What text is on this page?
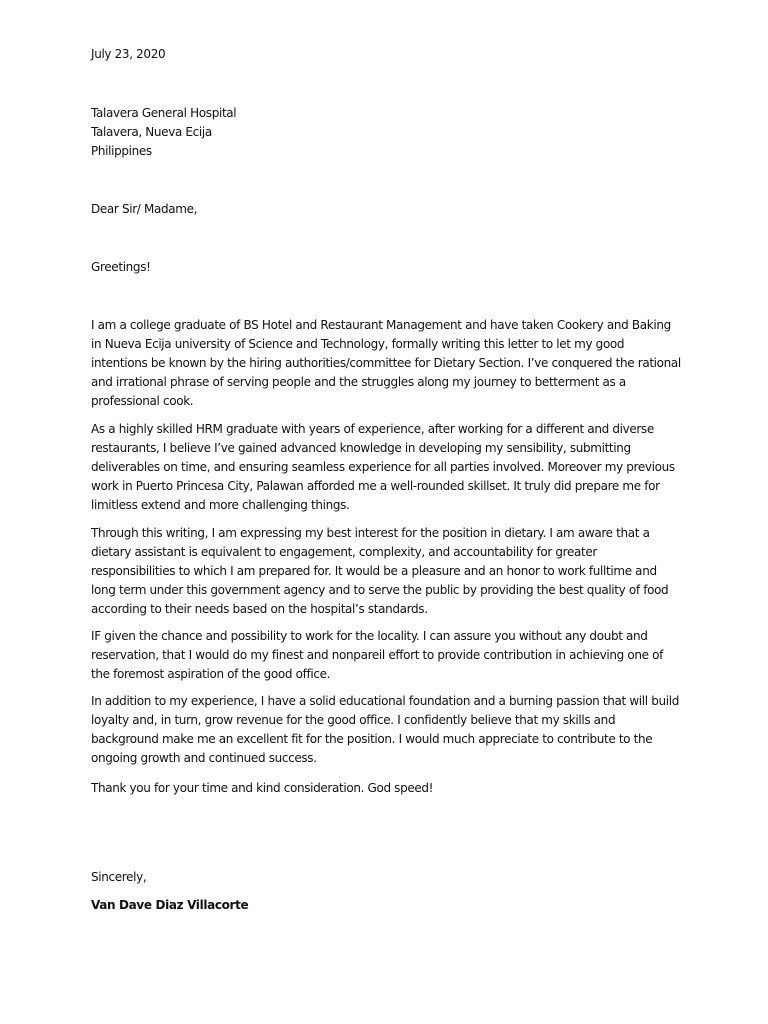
July 23, 2020
Talavera General Hospital
Talavera, Nueva Ecija
Philippines
Dear Sir/ Madame,
Greetings!

I am a college graduate of BS Hotel and Restaurant Management and have taken Cookery and Baking in Nueva Ecija university of Science and Technology, formally writing this letter to let my good intentions be known by the hiring authorities/committee for Dietary Section. I’ve conquered the rational and irrational phrase of serving people and the struggles along my journey to betterment as a professional cook.

As a highly skilled HRM graduate with years of experience, after working for a different and diverse restaurants, I believe I’ve gained advanced knowledge in developing my sensibility, submitting deliverables on time, and ensuring seamless experience for all parties involved. Moreover my previous work in Puerto Princesa City, Palawan afforded me a well-rounded skillset. It truly did prepare me for limitless extend and more challenging things.

Through this writing, I am expressing my best interest for the position in dietary. I am aware that a dietary assistant is equivalent to engagement, complexity, and accountability for greater responsibilities to which I am prepared for. It would be a pleasure and an honor to work fulltime and long term under this government agency and to serve the public by providing the best quality of food according to their needs based on the hospital’s standards.

IF given the chance and possibility to work for the locality. I can assure you without any doubt and reservation, that I would do my finest and nonpareil effort to provide contribution in achieving one of the foremost aspiration of the good office.

In addition to my experience, I have a solid educational foundation and a burning passion that will build loyalty and, in turn, grow revenue for the good office. I confidently believe that my skills and background make me an excellent fit for the position. I would much appreciate to contribute to the ongoing growth and continued success.

Thank you for your time and kind consideration. God speed!

Sincerely,
Van Dave Diaz Villacorte
